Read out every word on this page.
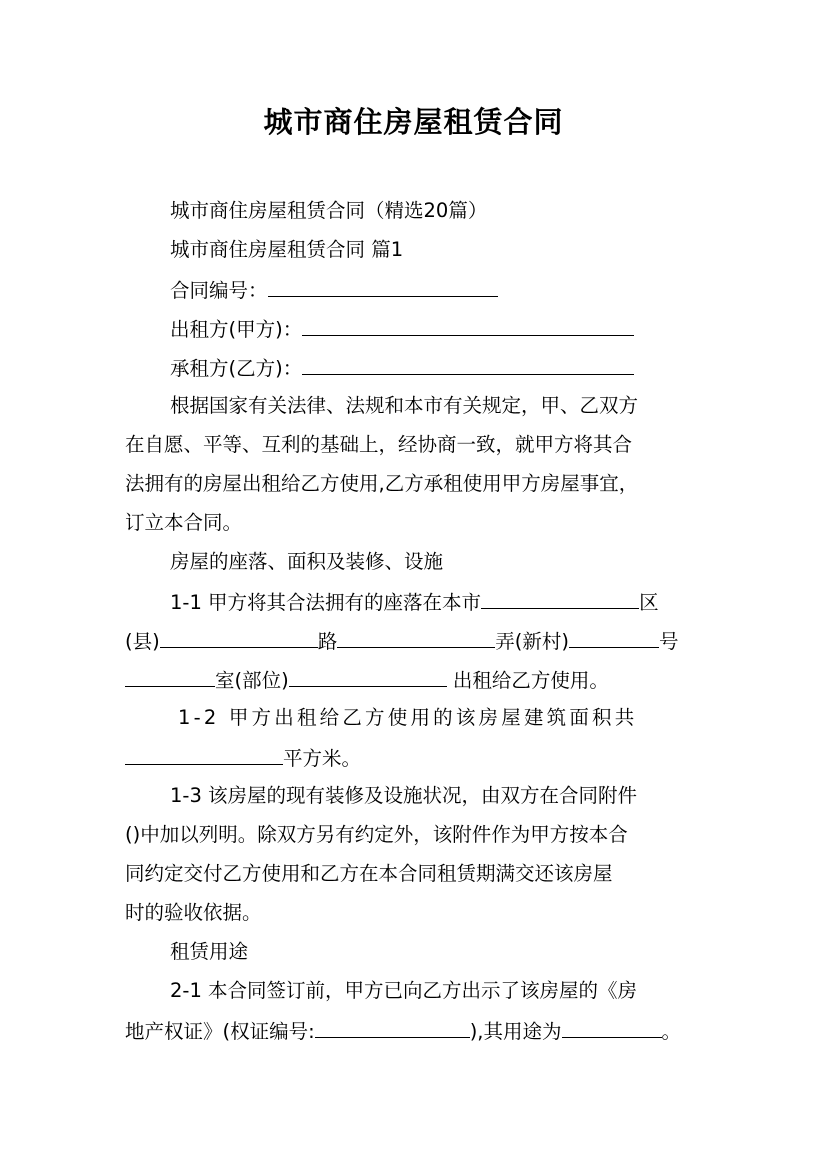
城市商住房屋租赁合同
城市商住房屋租赁合同（精选20篇）
城市商住房屋租赁合同 篇1
合同编号：
出租方(甲方)：
承租方(乙方)：
根据国家有关法律、法规和本市有关规定，甲、乙双方
在自愿、平等、互利的基础上，经协商一致，就甲方将其合
法拥有的房屋出租给乙方使用,乙方承租使用甲方房屋事宜，
订立本合同。
房屋的座落、面积及装修、设施
1-1 甲方将其合法拥有的座落在本市	区
(县)	路	弄(新村)	号
室(部位)	出租给乙方使用。
1-2 甲方出租给乙方使用的该房屋建筑面积共
平方米。
1-3 该房屋的现有装修及设施状况，由双方在合同附件
()中加以列明。除双方另有约定外，该附件作为甲方按本合
同约定交付乙方使用和乙方在本合同租赁期满交还该房屋
时的验收依据。
租赁用途
2-1 本合同签订前，甲方已向乙方出示了该房屋的《房
地产权证》(权证编号:	),其用途为	。
